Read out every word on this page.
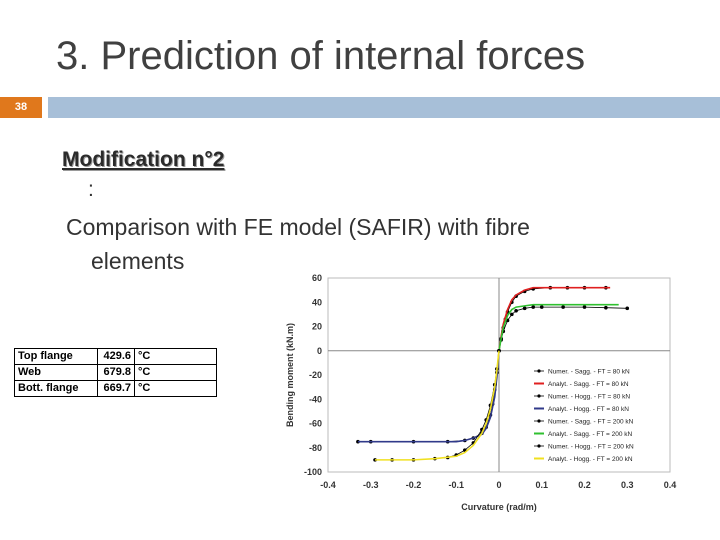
3. Prediction of internal forces
38
Modification n°2
:
Comparison with FE model (SAFIR) with fibre
elements
Top flange	429.6	°C
Web	679.8	°C
Bott. flange	669.7	°C
-100
-80
-60
-40
-20
0
20
40
60
-0.4	-0.3	-0.2	-0.1	0	0.1	0.2	0.3	0.4
Curvature (rad/m)
Bending moment (kN.m)	Numer. - Sagg. - FT = 80 kN
Analyt. - Sagg. - FT = 80 kN
Numer. - Hogg. - FT = 80 kN
Analyt. - Hogg. - FT = 80 kN
Numer. - Sagg. - FT = 200 kN
Analyt. - Sagg. - FT = 200 kN
Numer. - Hogg. - FT = 200 kN
Analyt. - Hogg. - FT = 200 kN
